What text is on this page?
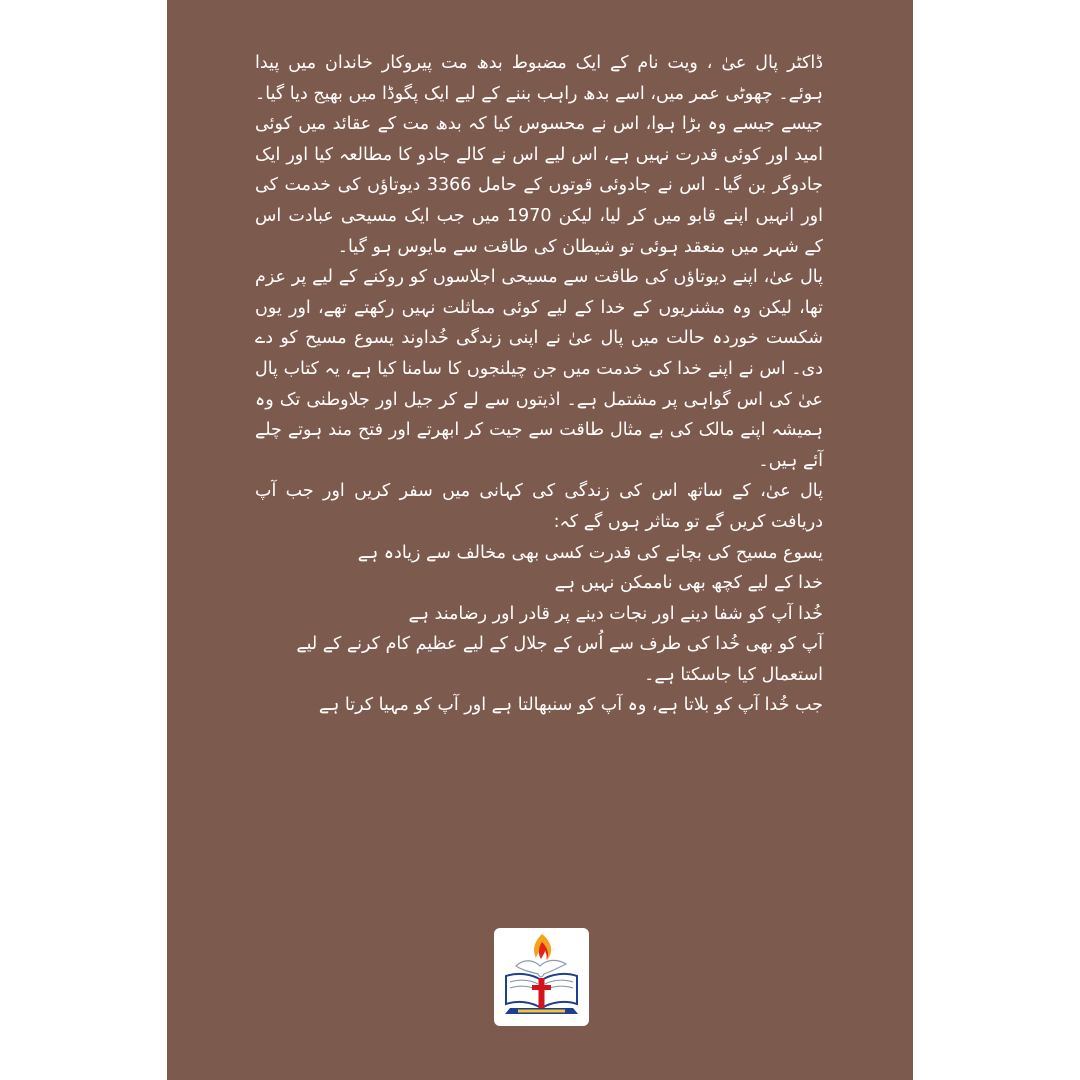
ڈاکٹر پال عیٰ ، ویت نام کے ایک مضبوط بدھ مت پیروکار خاندان میں پیدا ہوئے۔ چھوٹی عمر میں، اسے بدھ راہب بننے کے لیے ایک پگوڈا میں بھیج دیا گیا۔ جیسے جیسے وہ بڑا ہوا، اس نے محسوس کیا کہ بدھ مت کے عقائد میں کوئی امید اور کوئی قدرت نہیں ہے، اس لیے اس نے کالے جادو کا مطالعہ کیا اور ایک جادوگر بن گیا۔ اس نے جادوئی قوتوں کے حامل 3366 دیوتاؤں کی خدمت کی اور انہیں اپنے قابو میں کر لیا، لیکن 1970 میں جب ایک مسیحی عبادت اس کے شہر میں منعقد ہوئی تو شیطان کی طاقت سے مایوس ہو گیا۔

پال عیٰ، اپنے دیوتاؤں کی طاقت سے مسیحی اجلاسوں کو روکنے کے لیے پر عزم تھا، لیکن وہ مشنریوں کے خدا کے لیے کوئی مماثلت نہیں رکھتے تھے، اور یوں شکست خوردہ حالت میں پال عیٰ نے اپنی زندگی خُداوند یسوع مسیح کو دے دی۔ اس نے اپنے خدا کی خدمت میں جن چیلنجوں کا سامنا کیا ہے، یہ کتاب پال عیٰ کی اس گواہی پر مشتمل ہے۔ اذیتوں سے لے کر جیل اور جلاوطنی تک وہ ہمیشہ اپنے مالک کی بے مثال طاقت سے جیت کر ابھرتے اور فتح مند ہوتے چلے آئے ہیں۔

پال عیٰ، کے ساتھ اس کی زندگی کی کہانی میں سفر کریں اور جب آپ دریافت کریں گے تو متاثر ہوں گے کہ:

یسوع مسیح کی بچانے کی قدرت کسی بھی مخالف سے زیادہ ہے

خدا کے لیے کچھ بھی ناممکن نہیں ہے

خُدا آپ کو شفا دینے اور نجات دینے پر قادر اور رضامند ہے

آپ کو بھی خُدا کی طرف سے اُس کے جلال کے لیے عظیم کام کرنے کے لیے استعمال کیا جاسکتا ہے۔

جب خُدا آپ کو بلاتا ہے، وہ آپ کو سنبھالتا ہے اور آپ کو مہیا کرتا ہے
